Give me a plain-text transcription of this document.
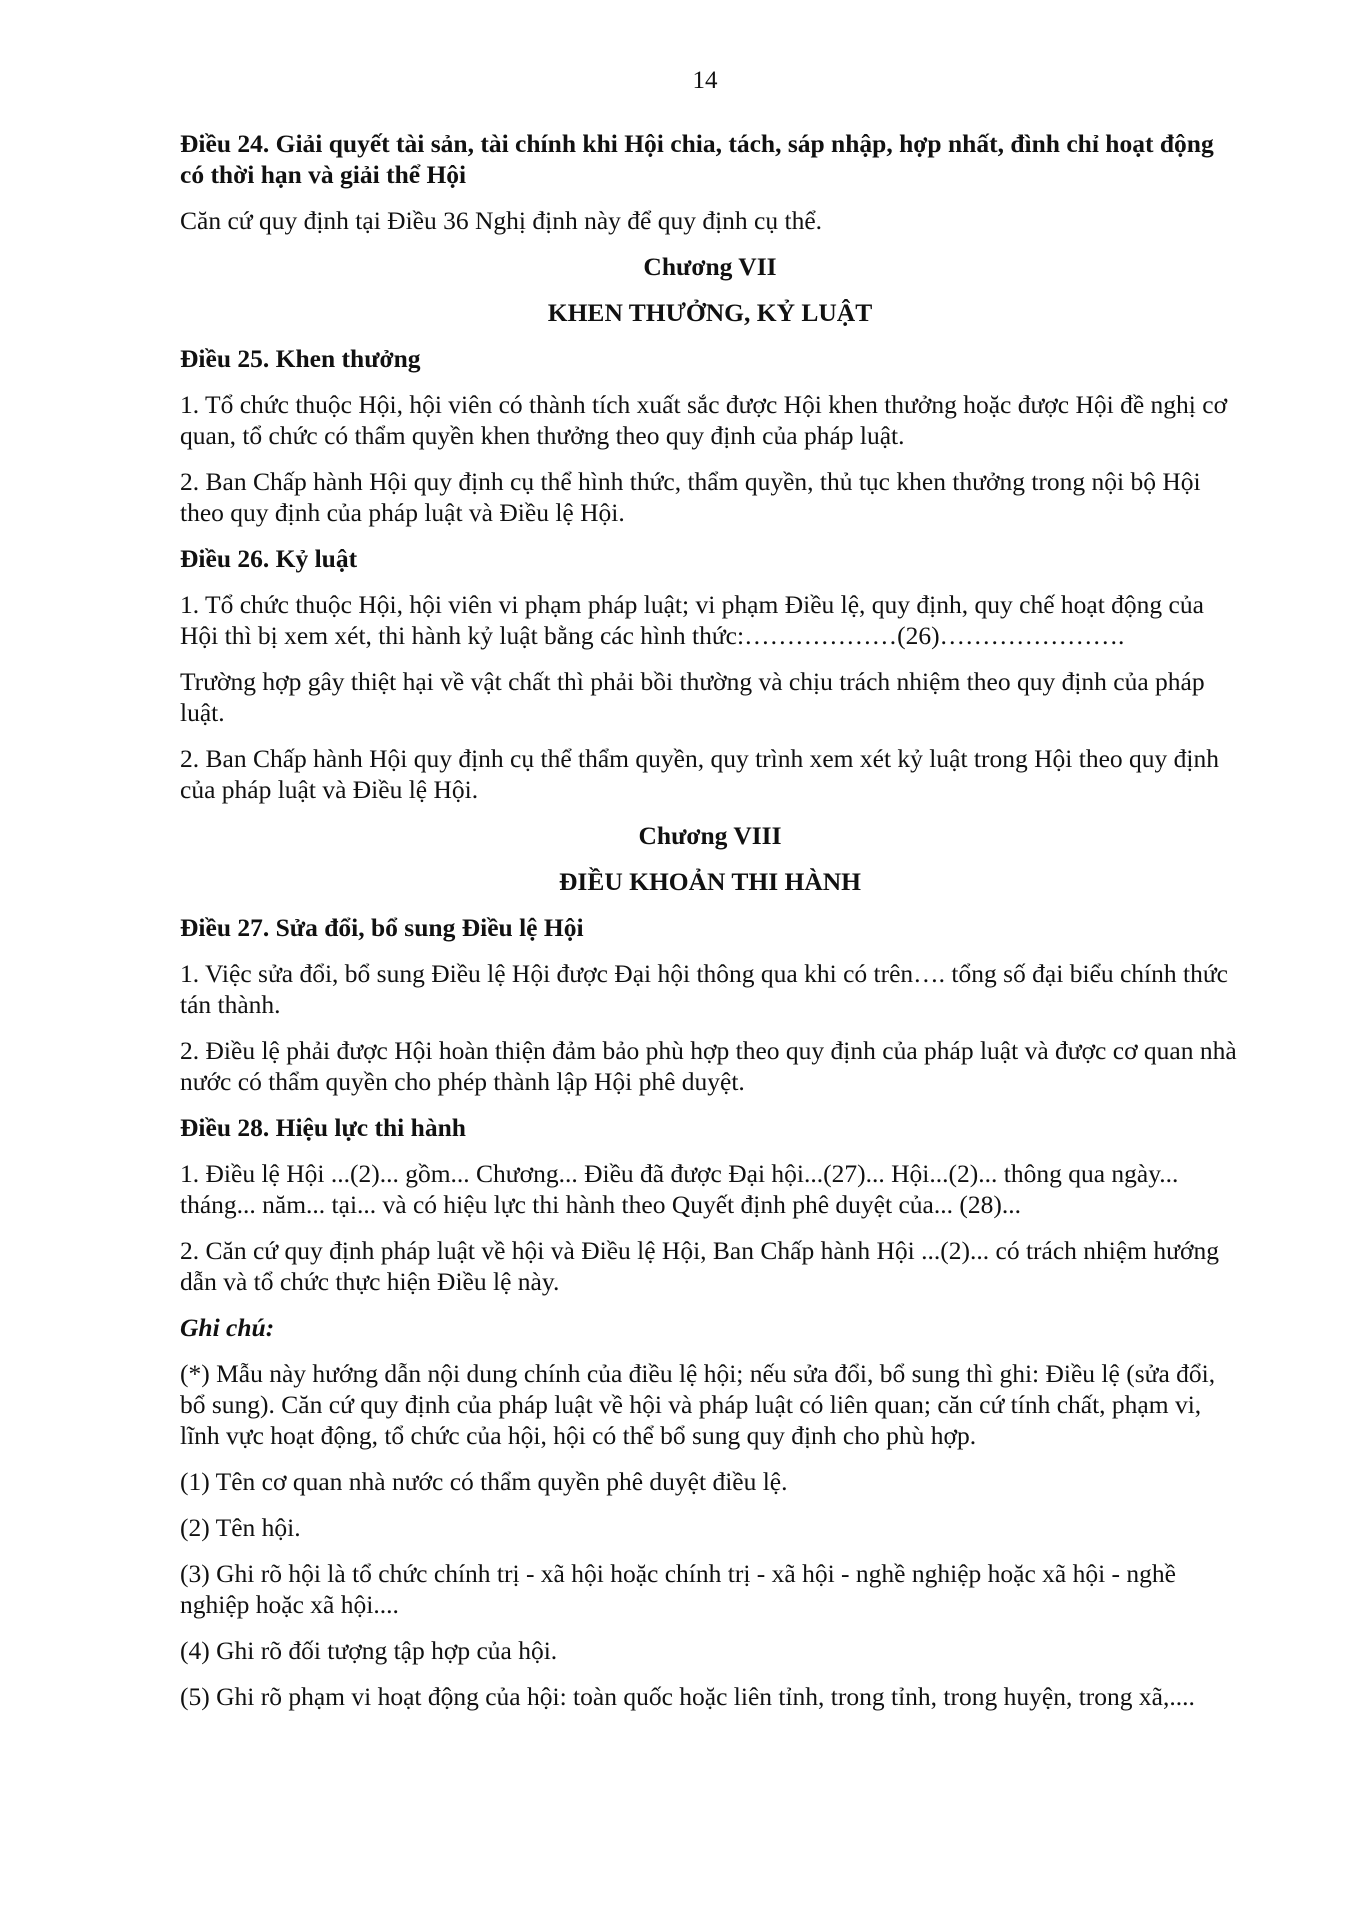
14
Điều 24. Giải quyết tài sản, tài chính khi Hội chia, tách, sáp nhập, hợp nhất, đình chỉ hoạt động có thời hạn và giải thể Hội
Căn cứ quy định tại Điều 36 Nghị định này để quy định cụ thể.
Chương VII
KHEN THƯỞNG, KỶ LUẬT
Điều 25. Khen thưởng
1. Tổ chức thuộc Hội, hội viên có thành tích xuất sắc được Hội khen thưởng hoặc được Hội đề nghị cơ quan, tổ chức có thẩm quyền khen thưởng theo quy định của pháp luật.
2. Ban Chấp hành Hội quy định cụ thể hình thức, thẩm quyền, thủ tục khen thưởng trong nội bộ Hội theo quy định của pháp luật và Điều lệ Hội.
Điều 26. Kỷ luật
1. Tổ chức thuộc Hội, hội viên vi phạm pháp luật; vi phạm Điều lệ, quy định, quy chế hoạt động của Hội thì bị xem xét, thi hành kỷ luật bằng các hình thức:………………(26)………………….
Trường hợp gây thiệt hại về vật chất thì phải bồi thường và chịu trách nhiệm theo quy định của pháp luật.
2. Ban Chấp hành Hội quy định cụ thể thẩm quyền, quy trình xem xét kỷ luật trong Hội theo quy định của pháp luật và Điều lệ Hội.
Chương VIII
ĐIỀU KHOẢN THI HÀNH
Điều 27. Sửa đổi, bổ sung Điều lệ Hội
1. Việc sửa đổi, bổ sung Điều lệ Hội được Đại hội thông qua khi có trên…. tổng số đại biểu chính thức tán thành.
2. Điều lệ phải được Hội hoàn thiện đảm bảo phù hợp theo quy định của pháp luật và được cơ quan nhà nước có thẩm quyền cho phép thành lập Hội phê duyệt.
Điều 28. Hiệu lực thi hành
1. Điều lệ Hội ...(2)... gồm... Chương... Điều đã được Đại hội...(27)... Hội...(2)... thông qua ngày... tháng... năm... tại... và có hiệu lực thi hành theo Quyết định phê duyệt của... (28)...
2. Căn cứ quy định pháp luật về hội và Điều lệ Hội, Ban Chấp hành Hội ...(2)... có trách nhiệm hướng dẫn và tổ chức thực hiện Điều lệ này.
Ghi chú:
(*) Mẫu này hướng dẫn nội dung chính của điều lệ hội; nếu sửa đổi, bổ sung thì ghi: Điều lệ (sửa đổi, bổ sung). Căn cứ quy định của pháp luật về hội và pháp luật có liên quan; căn cứ tính chất, phạm vi, lĩnh vực hoạt động, tổ chức của hội, hội có thể bổ sung quy định cho phù hợp.
(1) Tên cơ quan nhà nước có thẩm quyền phê duyệt điều lệ.
(2) Tên hội.
(3) Ghi rõ hội là tổ chức chính trị - xã hội hoặc chính trị - xã hội - nghề nghiệp hoặc xã hội - nghề nghiệp hoặc xã hội....
(4) Ghi rõ đối tượng tập hợp của hội.
(5) Ghi rõ phạm vi hoạt động của hội: toàn quốc hoặc liên tỉnh, trong tỉnh, trong huyện, trong xã,....
